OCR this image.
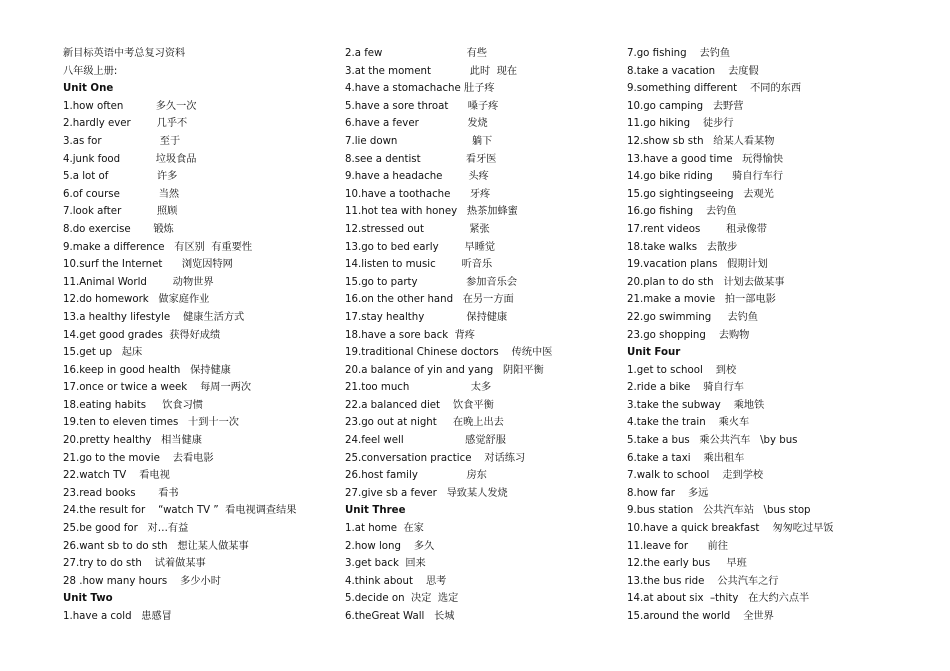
新目标英语中考总复习资料
八年级上册:
Unit One
1.how often          多久一次
2.hardly ever        几乎不
3.as for                  至于
4.junk food           垃圾食品
5.a lot of               许多
6.of course            当然
7.look after           照顾
8.do exercise       锻炼
9.make a difference   有区别  有重要性
10.surf the Internet      浏览因特网
11.Animal World        动物世界
12.do homework   做家庭作业
13.a healthy lifestyle    健康生活方式
14.get good grades  获得好成绩
15.get up   起床
16.keep in good health   保持健康
17.once or twice a week    每周一两次
18.eating habits     饮食习惯
19.ten to eleven times   十到十一次
20.pretty healthy   相当健康
21.go to the movie    去看电影
22.watch TV    看电视
23.read books       看书
24.the result for    “watch TV ”  看电视调查结果
25.be good for   对…有益
26.want sb to do sth   想让某人做某事
27.try to do sth    试着做某事
28 .how many hours    多少小时
Unit Two
1.have a cold   患感冒
2.a few                          有些
3.at the moment            此时  现在
4.have a stomachache 肚子疼
5.have a sore throat      嗓子疼
6.have a fever               发烧
7.lie down                       躺下
8.see a dentist              看牙医
9.have a headache        头疼
10.have a toothache      牙疼
11.hot tea with honey   热茶加蜂蜜
12.stressed out              紧张
13.go to bed early        早睡觉
14.listen to music        听音乐
15.go to party               参加音乐会
16.on the other hand   在另一方面
17.stay healthy             保持健康
18.have a sore back  背疼
19.traditional Chinese doctors    传统中医
20.a balance of yin and yang   阴阳平衡
21.too much                   太多
22.a balanced diet    饮食平衡
23.go out at night     在晚上出去
24.feel well                   感觉舒服
25.conversation practice    对话练习
26.host family               房东
27.give sb a fever   导致某人发烧
Unit Three
1.at home  在家
2.how long    多久
3.get back  回来
4.think about    思考
5.decide on  决定  选定
6.theGreat Wall   长城
7.go fishing    去钓鱼
8.take a vacation    去度假
9.something different    不同的东西
10.go camping   去野营
11.go hiking    徒步行
12.show sb sth   给某人看某物
13.have a good time   玩得愉快
14.go bike riding      骑自行车行
15.go sightingseeing   去观光
16.go fishing    去钓鱼
17.rent videos        租录像带
18.take walks   去散步
19.vacation plans   假期计划
20.plan to do sth   计划去做某事
21.make a movie   拍一部电影
22.go swimming     去钓鱼
23.go shopping    去购物
Unit Four
1.get to school    到校
2.ride a bike    骑自行车
3.take the subway    乘地铁
4.take the train    乘火车
5.take a bus   乘公共汽车   \by bus
6.take a taxi    乘出租车
7.walk to school    走到学校
8.how far    多远
9.bus station   公共汽车站   \bus stop
10.have a quick breakfast    匆匆吃过早饭
11.leave for      前往
12.the early bus     早班
13.the bus ride    公共汽车之行
14.at about six  –thity   在大约六点半
15.around the world    全世界
